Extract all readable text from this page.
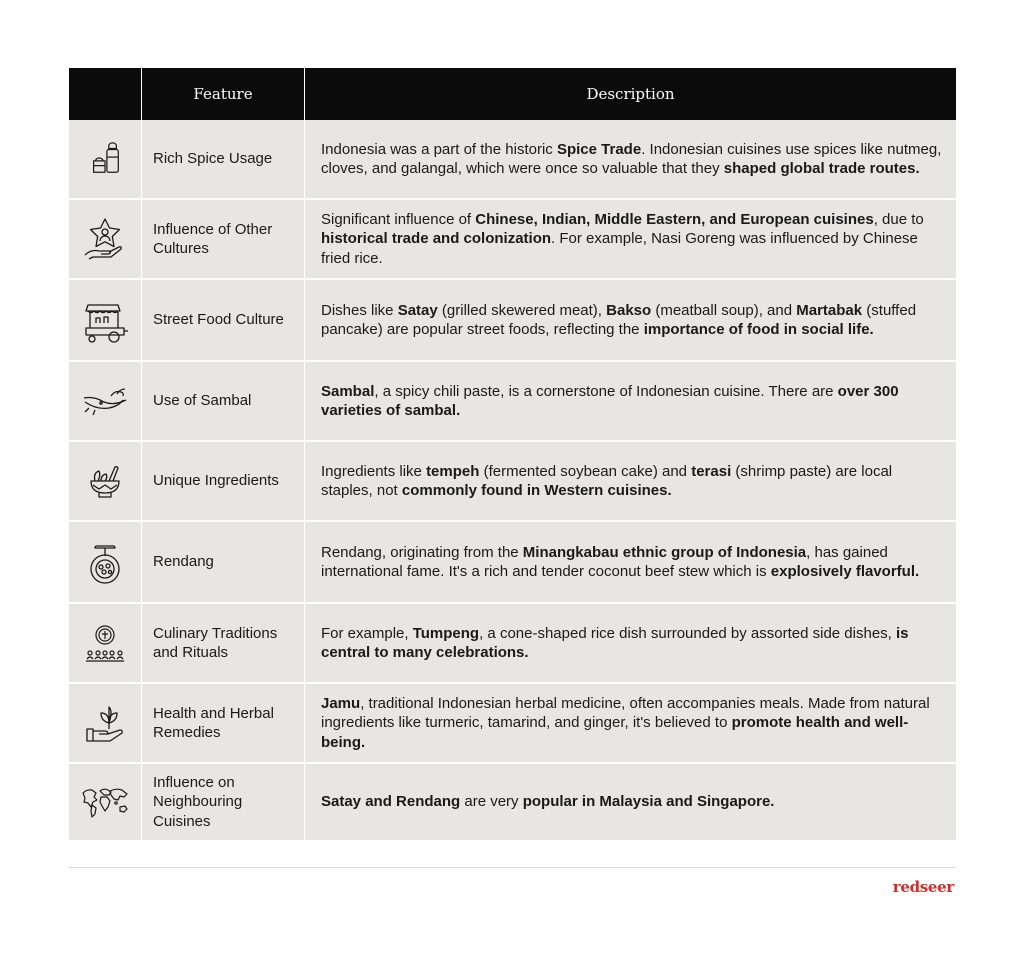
	Feature	Description

	Rich Spice Usage	Indonesia was a part of the historic Spice Trade. Indonesian cuisines use spices like nutmeg, cloves, and galangal, which were once so valuable that they shaped global trade routes.

	Influence of Other Cultures	Significant influence of Chinese, Indian, Middle Eastern, and European cuisines, due to historical trade and colonization. For example, Nasi Goreng was influenced by Chinese fried rice.

	Street Food Culture	Dishes like Satay (grilled skewered meat), Bakso (meatball soup), and Martabak (stuffed pancake) are popular street foods, reflecting the importance of food in social life.

	Use of Sambal	Sambal, a spicy chili paste, is a cornerstone of Indonesian cuisine. There are over 300 varieties of sambal.

	Unique Ingredients	Ingredients like tempeh (fermented soybean cake) and terasi (shrimp paste) are local staples, not commonly found in Western cuisines.

	Rendang	Rendang, originating from the Minangkabau ethnic group of Indonesia, has gained international fame. It's a rich and tender coconut beef stew which is explosively flavorful.

	Culinary Traditions and Rituals	For example, Tumpeng, a cone-shaped rice dish surrounded by assorted side dishes, is central to many celebrations.

	Health and Herbal Remedies	Jamu, traditional Indonesian herbal medicine, often accompanies meals. Made from natural ingredients like turmeric, tamarind, and ginger, it's believed to promote health and well-being.

	Influence on Neighbouring Cuisines	Satay and Rendang are very popular in Malaysia and Singapore.
redseer
